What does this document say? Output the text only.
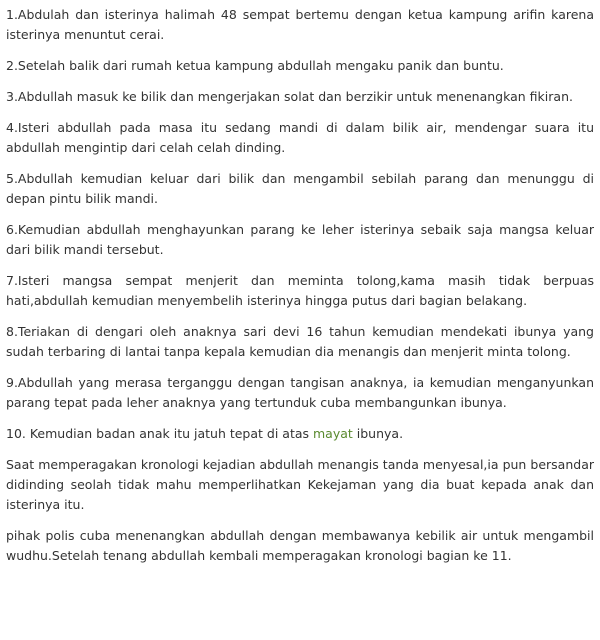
1.Abdulah dan isterinya halimah 48 sempat bertemu dengan ketua kampung arifin karena isterinya menuntut cerai.

2.Setelah balik dari rumah ketua kampung abdullah mengaku panik dan buntu.

3.Abdullah masuk ke bilik dan mengerjakan solat dan berzikir untuk menenangkan fikiran.

4.Isteri abdullah pada masa itu sedang mandi di dalam bilik air, mendengar suara itu abdullah mengintip dari celah celah dinding.

5.Abdullah kemudian keluar dari bilik dan mengambil sebilah parang dan menunggu di depan pintu bilik mandi.

6.Kemudian abdullah menghayunkan parang ke leher isterinya sebaik saja mangsa keluar dari bilik mandi tersebut.

7.Isteri mangsa sempat menjerit dan meminta tolong,kama masih tidak berpuas hati,abdullah kemudian menyembelih isterinya hingga putus dari bagian belakang.

8.Teriakan di dengari oleh anaknya sari devi 16 tahun kemudian mendekati ibunya yang sudah terbaring di lantai tanpa kepala kemudian dia menangis dan menjerit minta tolong.

9.Abdullah yang merasa terganggu dengan tangisan anaknya, ia kemudian menganyunkan parang tepat pada leher anaknya yang tertunduk cuba membangunkan ibunya.

10. Kemudian badan anak itu jatuh tepat di atas mayat ibunya.

Saat memperagakan kronologi kejadian abdullah menangis tanda menyesal,ia pun bersandar didinding seolah tidak mahu memperlihatkan Kekejaman yang dia buat kepada anak dan isterinya itu.

pihak polis cuba menenangkan abdullah dengan membawanya kebilik air untuk mengambil wudhu.Setelah tenang abdullah kembali memperagakan kronologi bagian ke 11.
